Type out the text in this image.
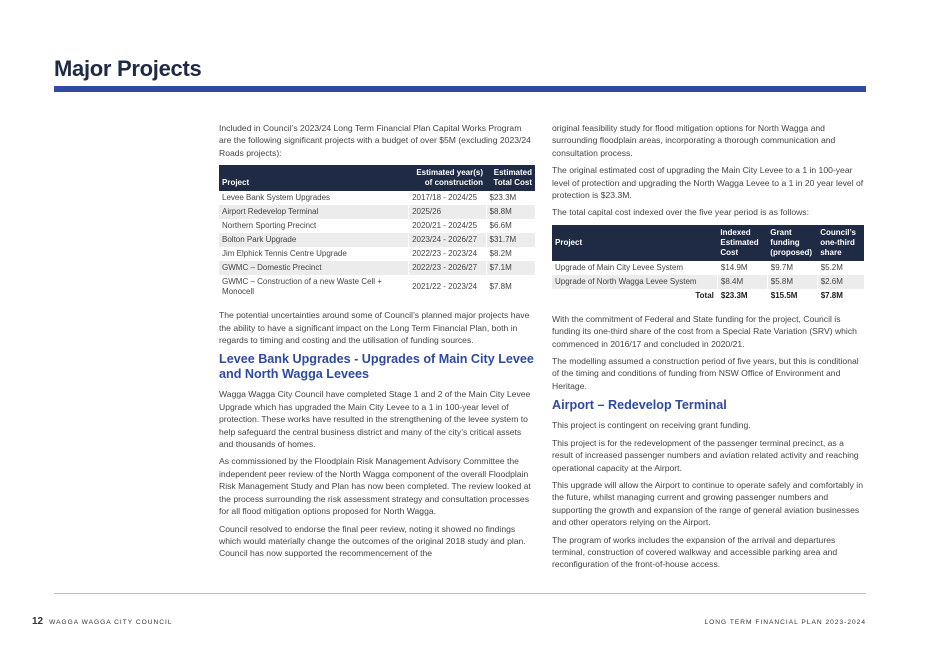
Major Projects

Included in Council’s 2023/24 Long Term Financial Plan Capital Works Program are the following significant projects with a budget of over $5M (excluding 2023/24 Roads projects):

Project	Estimated year(s) of construction	Estimated Total Cost
Levee Bank System Upgrades	2017/18 - 2024/25	$23.3M
Airport Redevelop Terminal	2025/26	$8.8M
Northern Sporting Precinct	2020/21 - 2024/25	$6.6M
Bolton Park Upgrade	2023/24 - 2026/27	$31.7M
Jim Elphick Tennis Centre Upgrade	2022/23 - 2023/24	$8.2M
GWMC – Domestic Precinct	2022/23 - 2026/27	$7.1M
GWMC – Construction of a new Waste Cell + Monocell	2021/22 - 2023/24	$7.8M

The potential uncertainties around some of Council’s planned major projects have the ability to have a significant impact on the Long Term Financial Plan, both in regards to timing and costing and the utilisation of funding sources.

Levee Bank Upgrades - Upgrades of Main City Levee and North Wagga Levees

Wagga Wagga City Council have completed Stage 1 and 2 of the Main City Levee Upgrade which has upgraded the Main City Levee to a 1 in 100-year level of protection. These works have resulted in the strengthening of the levee system to help safeguard the central business district and many of the city’s critical assets and thousands of homes.

As commissioned by the Floodplain Risk Management Advisory Committee the independent peer review of the North Wagga component of the overall Floodplain Risk Management Study and Plan has now been completed. The review looked at the process surrounding the risk assessment strategy and consultation processes for all flood mitigation options proposed for North Wagga.

Council resolved to endorse the final peer review, noting it showed no findings which would materially change the outcomes of the original 2018 study and plan. Council has now supported the recommencement of the

original feasibility study for flood mitigation options for North Wagga and surrounding floodplain areas, incorporating a thorough communication and consultation process.

The original estimated cost of upgrading the Main City Levee to a 1 in 100-year level of protection and upgrading the North Wagga Levee to a 1 in 20 year level of protection is $23.3M.

The total capital cost indexed over the five year period is as follows:

Project	Indexed Estimated Cost	Grant funding (proposed)	Council’s one-third share
Upgrade of Main City Levee System	$14.9M	$9.7M	$5.2M
Upgrade of North Wagga Levee System	$8.4M	$5.8M	$2.6M
Total	$23.3M	$15.5M	$7.8M

With the commitment of Federal and State funding for the project, Council is funding its one-third share of the cost from a Special Rate Variation (SRV) which commenced in 2016/17 and concluded in 2020/21.

The modelling assumed a construction period of five years, but this is conditional of the timing and conditions of funding from NSW Office of Environment and Heritage.

Airport – Redevelop Terminal

This project is contingent on receiving grant funding.

This project is for the redevelopment of the passenger terminal precinct, as a result of increased passenger numbers and aviation related activity and reaching operational capacity at the Airport.

This upgrade will allow the Airport to continue to operate safely and comfortably in the future, whilst managing current and growing passenger numbers and supporting the growth and expansion of the range of general aviation businesses and other operators relying on the Airport.

The program of works includes the expansion of the arrival and departures terminal, construction of covered walkway and accessible parking area and reconfiguration of the front-of-house access.

12 WAGGA WAGGA CITY COUNCIL	LONG TERM FINANCIAL PLAN 2023-2024
